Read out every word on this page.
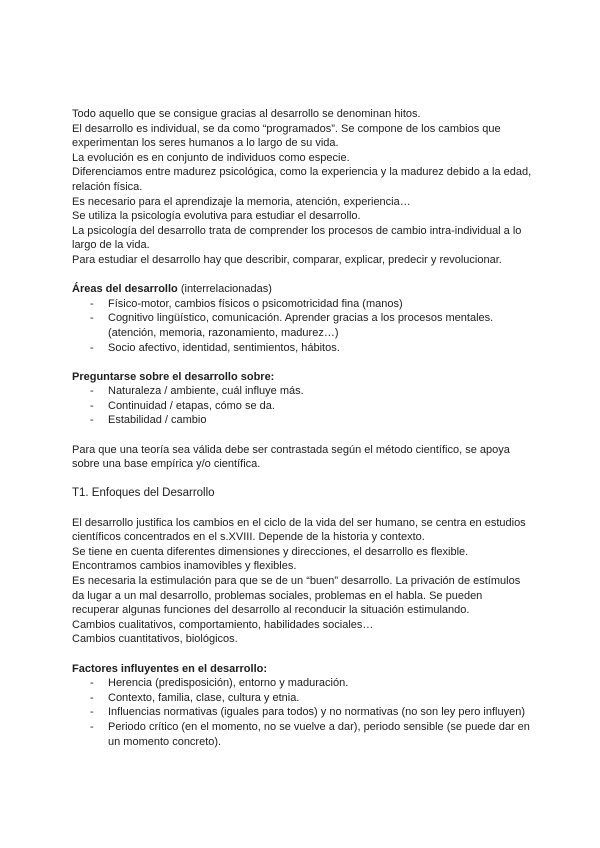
Todo aquello que se consigue gracias al desarrollo se denominan hitos.

El desarrollo es individual, se da como “programados”. Se compone de los cambios que experimentan los seres humanos a lo largo de su vida.

La evolución es en conjunto de individuos como especie.

Diferenciamos entre madurez psicológica, como la experiencia y la madurez debido a la edad, relación física.

Es necesario para el aprendizaje la memoria, atención, experiencia…

Se utiliza la psicología evolutiva para estudiar el desarrollo.

La psicología del desarrollo trata de comprender los procesos de cambio intra-individual a lo largo de la vida.

Para estudiar el desarrollo hay que describir, comparar, explicar, predecir y revolucionar.

Áreas del desarrollo (interrelacionadas)

- Físico-motor, cambios físicos o psicomotricidad fina (manos)
- Cognitivo lingüístico, comunicación. Aprender gracias a los procesos mentales. (atención, memoria, razonamiento, madurez…)
- Socio afectivo, identidad, sentimientos, hábitos.

Preguntarse sobre el desarrollo sobre:

- Naturaleza / ambiente, cuál influye más.
- Continuidad / etapas, cómo se da.
- Estabilidad / cambio

Para que una teoría sea válida debe ser contrastada según el método científico, se apoya sobre una base empírica y/o científica.

T1. Enfoques del Desarrollo

El desarrollo justifica los cambios en el ciclo de la vida del ser humano, se centra en estudios científicos concentrados en el s.XVIII. Depende de la historia y contexto.

Se tiene en cuenta diferentes dimensiones y direcciones, el desarrollo es flexible.

Encontramos cambios inamovibles y flexibles.

Es necesaria la estimulación para que se de un “buen” desarrollo. La privación de estímulos da lugar a un mal desarrollo, problemas sociales, problemas en el habla. Se pueden recuperar algunas funciones del desarrollo al reconducir la situación estimulando.

Cambios cualitativos, comportamiento, habilidades sociales…

Cambios cuantitativos, biológicos.

Factores influyentes en el desarrollo:

- Herencia (predisposición), entorno y maduración.
- Contexto, familia, clase, cultura y etnia.
- Influencias normativas (iguales para todos) y no normativas (no son ley pero influyen)
- Periodo crítico (en el momento, no se vuelve a dar), periodo sensible (se puede dar en un momento concreto).
